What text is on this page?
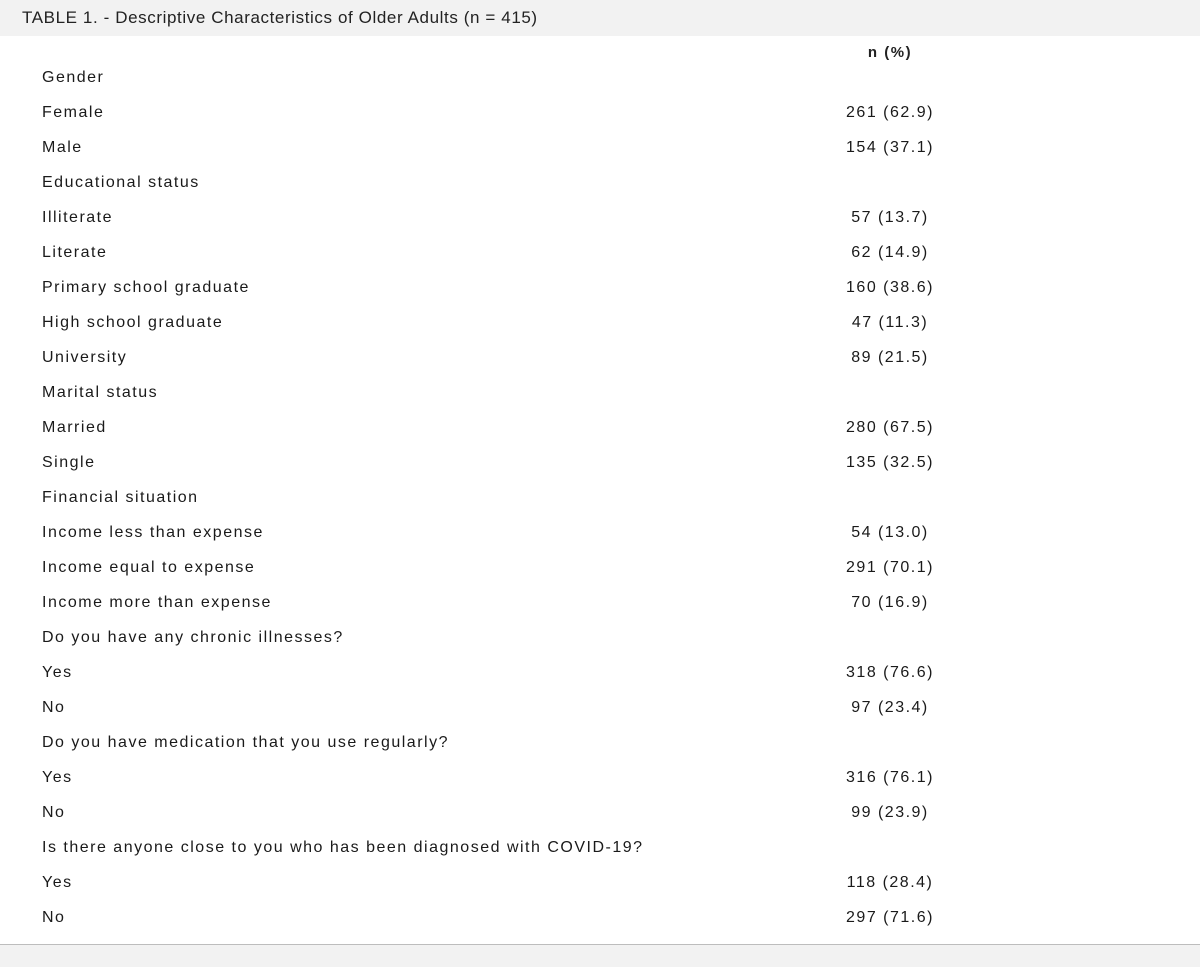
TABLE 1. - Descriptive Characteristics of Older Adults (n = 415)
n (%)
Gender
Female	261 (62.9)
Male	154 (37.1)
Educational status
Illiterate	57 (13.7)
Literate	62 (14.9)
Primary school graduate	160 (38.6)
High school graduate	47 (11.3)
University	89 (21.5)
Marital status
Married	280 (67.5)
Single	135 (32.5)
Financial situation
Income less than expense	54 (13.0)
Income equal to expense	291 (70.1)
Income more than expense	70 (16.9)
Do you have any chronic illnesses?
Yes	318 (76.6)
No	97 (23.4)
Do you have medication that you use regularly?
Yes	316 (76.1)
No	99 (23.9)
Is there anyone close to you who has been diagnosed with COVID-19?
Yes	118 (28.4)
No	297 (71.6)
